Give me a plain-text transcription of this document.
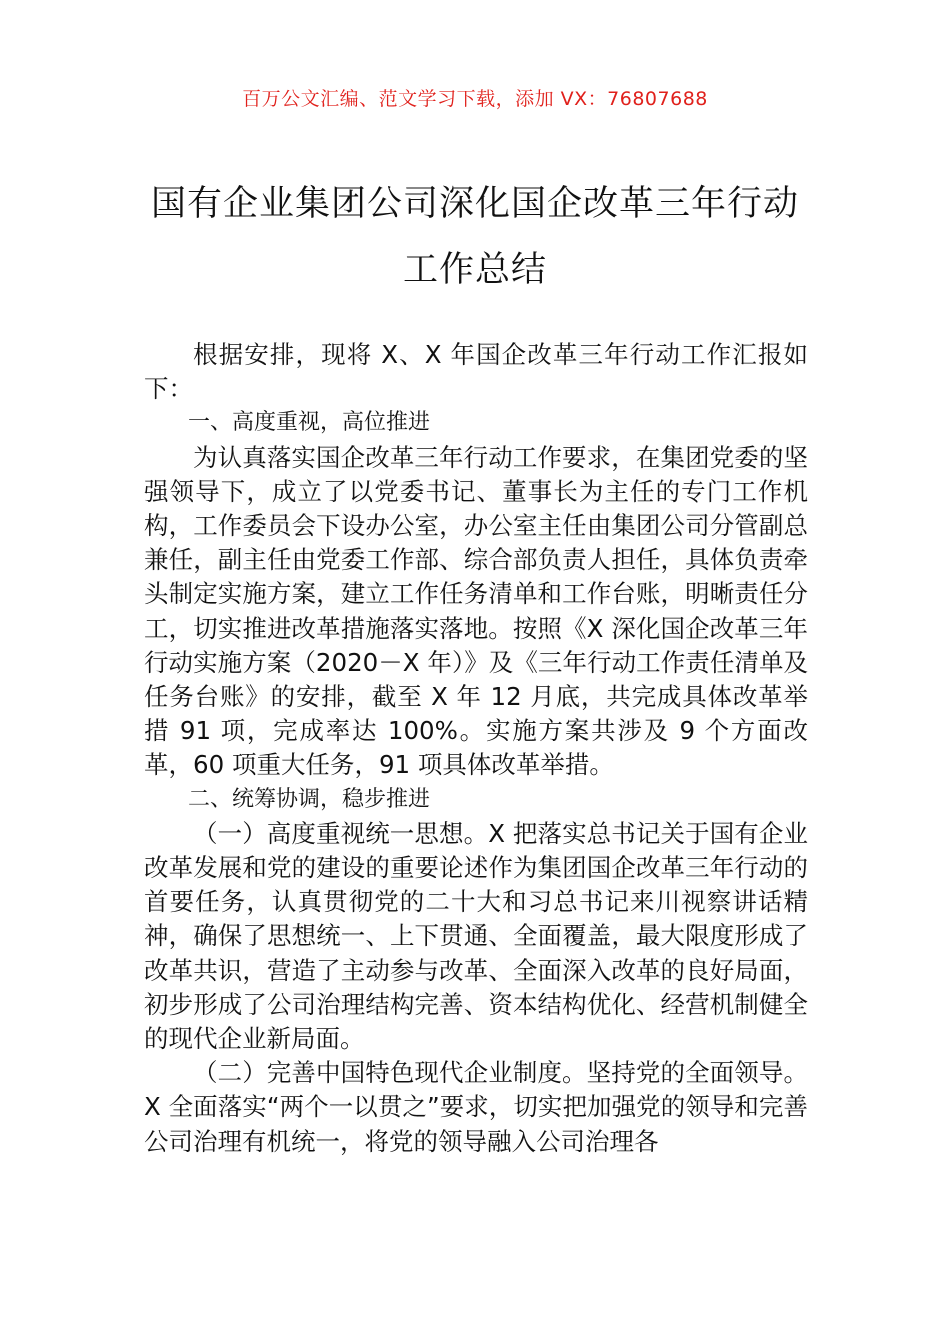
百万公文汇编、范文学习下载，添加 VX：76807688
国有企业集团公司深化国企改革三年行动
工作总结

根据安排，现将 X、X 年国企改革三年行动工作汇报如下：

一、高度重视，高位推进

为认真落实国企改革三年行动工作要求，在集团党委的坚强领导下，成立了以党委书记、董事长为主任的专门工作机构，工作委员会下设办公室，办公室主任由集团公司分管副总兼任，副主任由党委工作部、综合部负责人担任，具体负责牵头制定实施方案，建立工作任务清单和工作台账，明晰责任分工，切实推进改革措施落实落地。按照《X 深化国企改革三年行动实施方案（2020－X 年）》及《三年行动工作责任清单及任务台账》的安排，截至 X 年 12 月底，共完成具体改革举措 91 项，完成率达 100%。实施方案共涉及 9 个方面改革，60 项重大任务，91 项具体改革举措。

二、统筹协调，稳步推进

（一）高度重视统一思想。X 把落实总书记关于国有企业改革发展和党的建设的重要论述作为集团国企改革三年行动的首要任务，认真贯彻党的二十大和习总书记来川视察讲话精神，确保了思想统一、上下贯通、全面覆盖，最大限度形成了改革共识，营造了主动参与改革、全面深入改革的良好局面，初步形成了公司治理结构完善、资本结构优化、经营机制健全的现代企业新局面。

（二）完善中国特色现代企业制度。坚持党的全面领导。X 全面落实“两个一以贯之”要求，切实把加强党的领导和完善公司治理有机统一，将党的领导融入公司治理各
